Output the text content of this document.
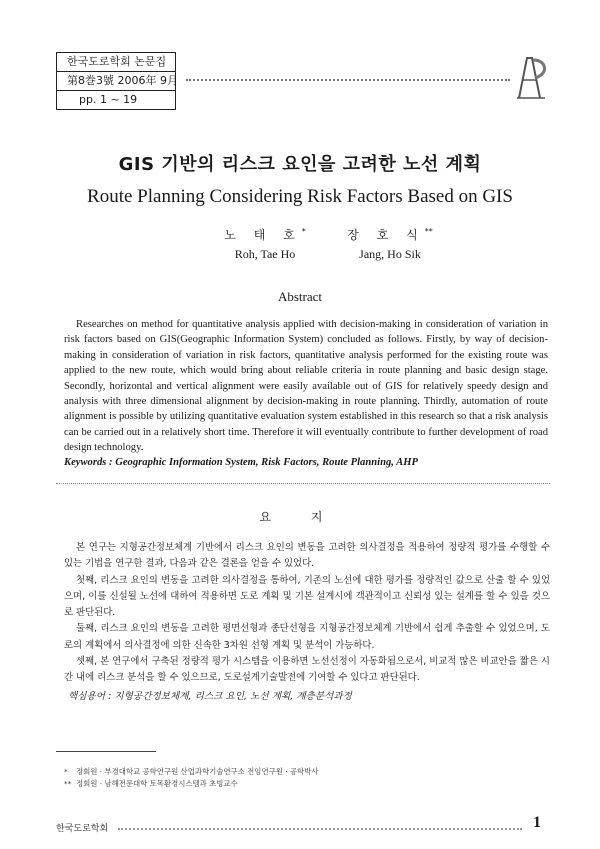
한국도로학회 논문집
第8巻3號 2006年 9月
pp. 1 ~ 19
GIS 기반의 리스크 요인을 고려한 노선 계획
Route Planning Considering Risk Factors Based on GIS
노 태 호*
Roh, Tae Ho
장 호 식**
Jang, Ho Sik
Abstract
Researches on method for quantitative analysis applied with decision-making in consideration of variation in risk factors based on GIS(Geographic Information System) concluded as follows. Firstly, by way of decision-making in consideration of variation in risk factors, quantitative analysis performed for the existing route was applied to the new route, which would bring about reliable criteria in route planning and basic design stage. Secondly, horizontal and vertical alignment were easily available out of GIS for relatively speedy design and analysis with three dimensional alignment by decision-making in route planning. Thirdly, automation of route alignment is possible by utilizing quantitative evaluation system established in this research so that a risk analysis can be carried out in a relatively short time. Therefore it will eventually contribute to further development of road design technology.
Keywords : Geographic Information System, Risk Factors, Route Planning, AHP
요 지

본 연구는 지형공간정보체계 기반에서 리스크 요인의 변동을 고려한 의사결정을 적용하여 정량적 평가를 수행할 수 있는 기법을 연구한 결과, 다음과 같은 결론을 얻을 수 있었다.

첫째, 리스크 요인의 변동을 고려한 의사결정을 통하여, 기존의 노선에 대한 평가를 정량적인 값으로 산출 할 수 있었으며, 이를 신설될 노선에 대하여 적용하면 도로 계획 및 기본 설계시에 객관적이고 신뢰성 있는 설계를 할 수 있을 것으로 판단된다.

둘째, 리스크 요인의 변동을 고려한 평면선형과 종단선형을 지형공간정보체계 기반에서 쉽게 추출할 수 있었으며, 도로의 계획에서 의사결정에 의한 신속한 3차원 선형 계획 및 분석이 가능하다.

셋째, 본 연구에서 구축된 정량적 평가 시스템을 이용하면 노선선정이 자동화됨으로서, 비교적 많은 비교안을 짧은 시간 내에 리스크 분석을 할 수 있으므로, 도로설계기술발전에 기여할 수 있다고 판단된다.

핵심용어 : 지형공간정보체계, 리스크 요인, 노선 계획, 계층분석과정
* 정회원 · 부경대학교 공학연구원 산업과학기술연구소 전임연구원 · 공학박사
** 정회원 · 남해전문대학 토목환경시스템과 초빙교수
한국도로학회	1
